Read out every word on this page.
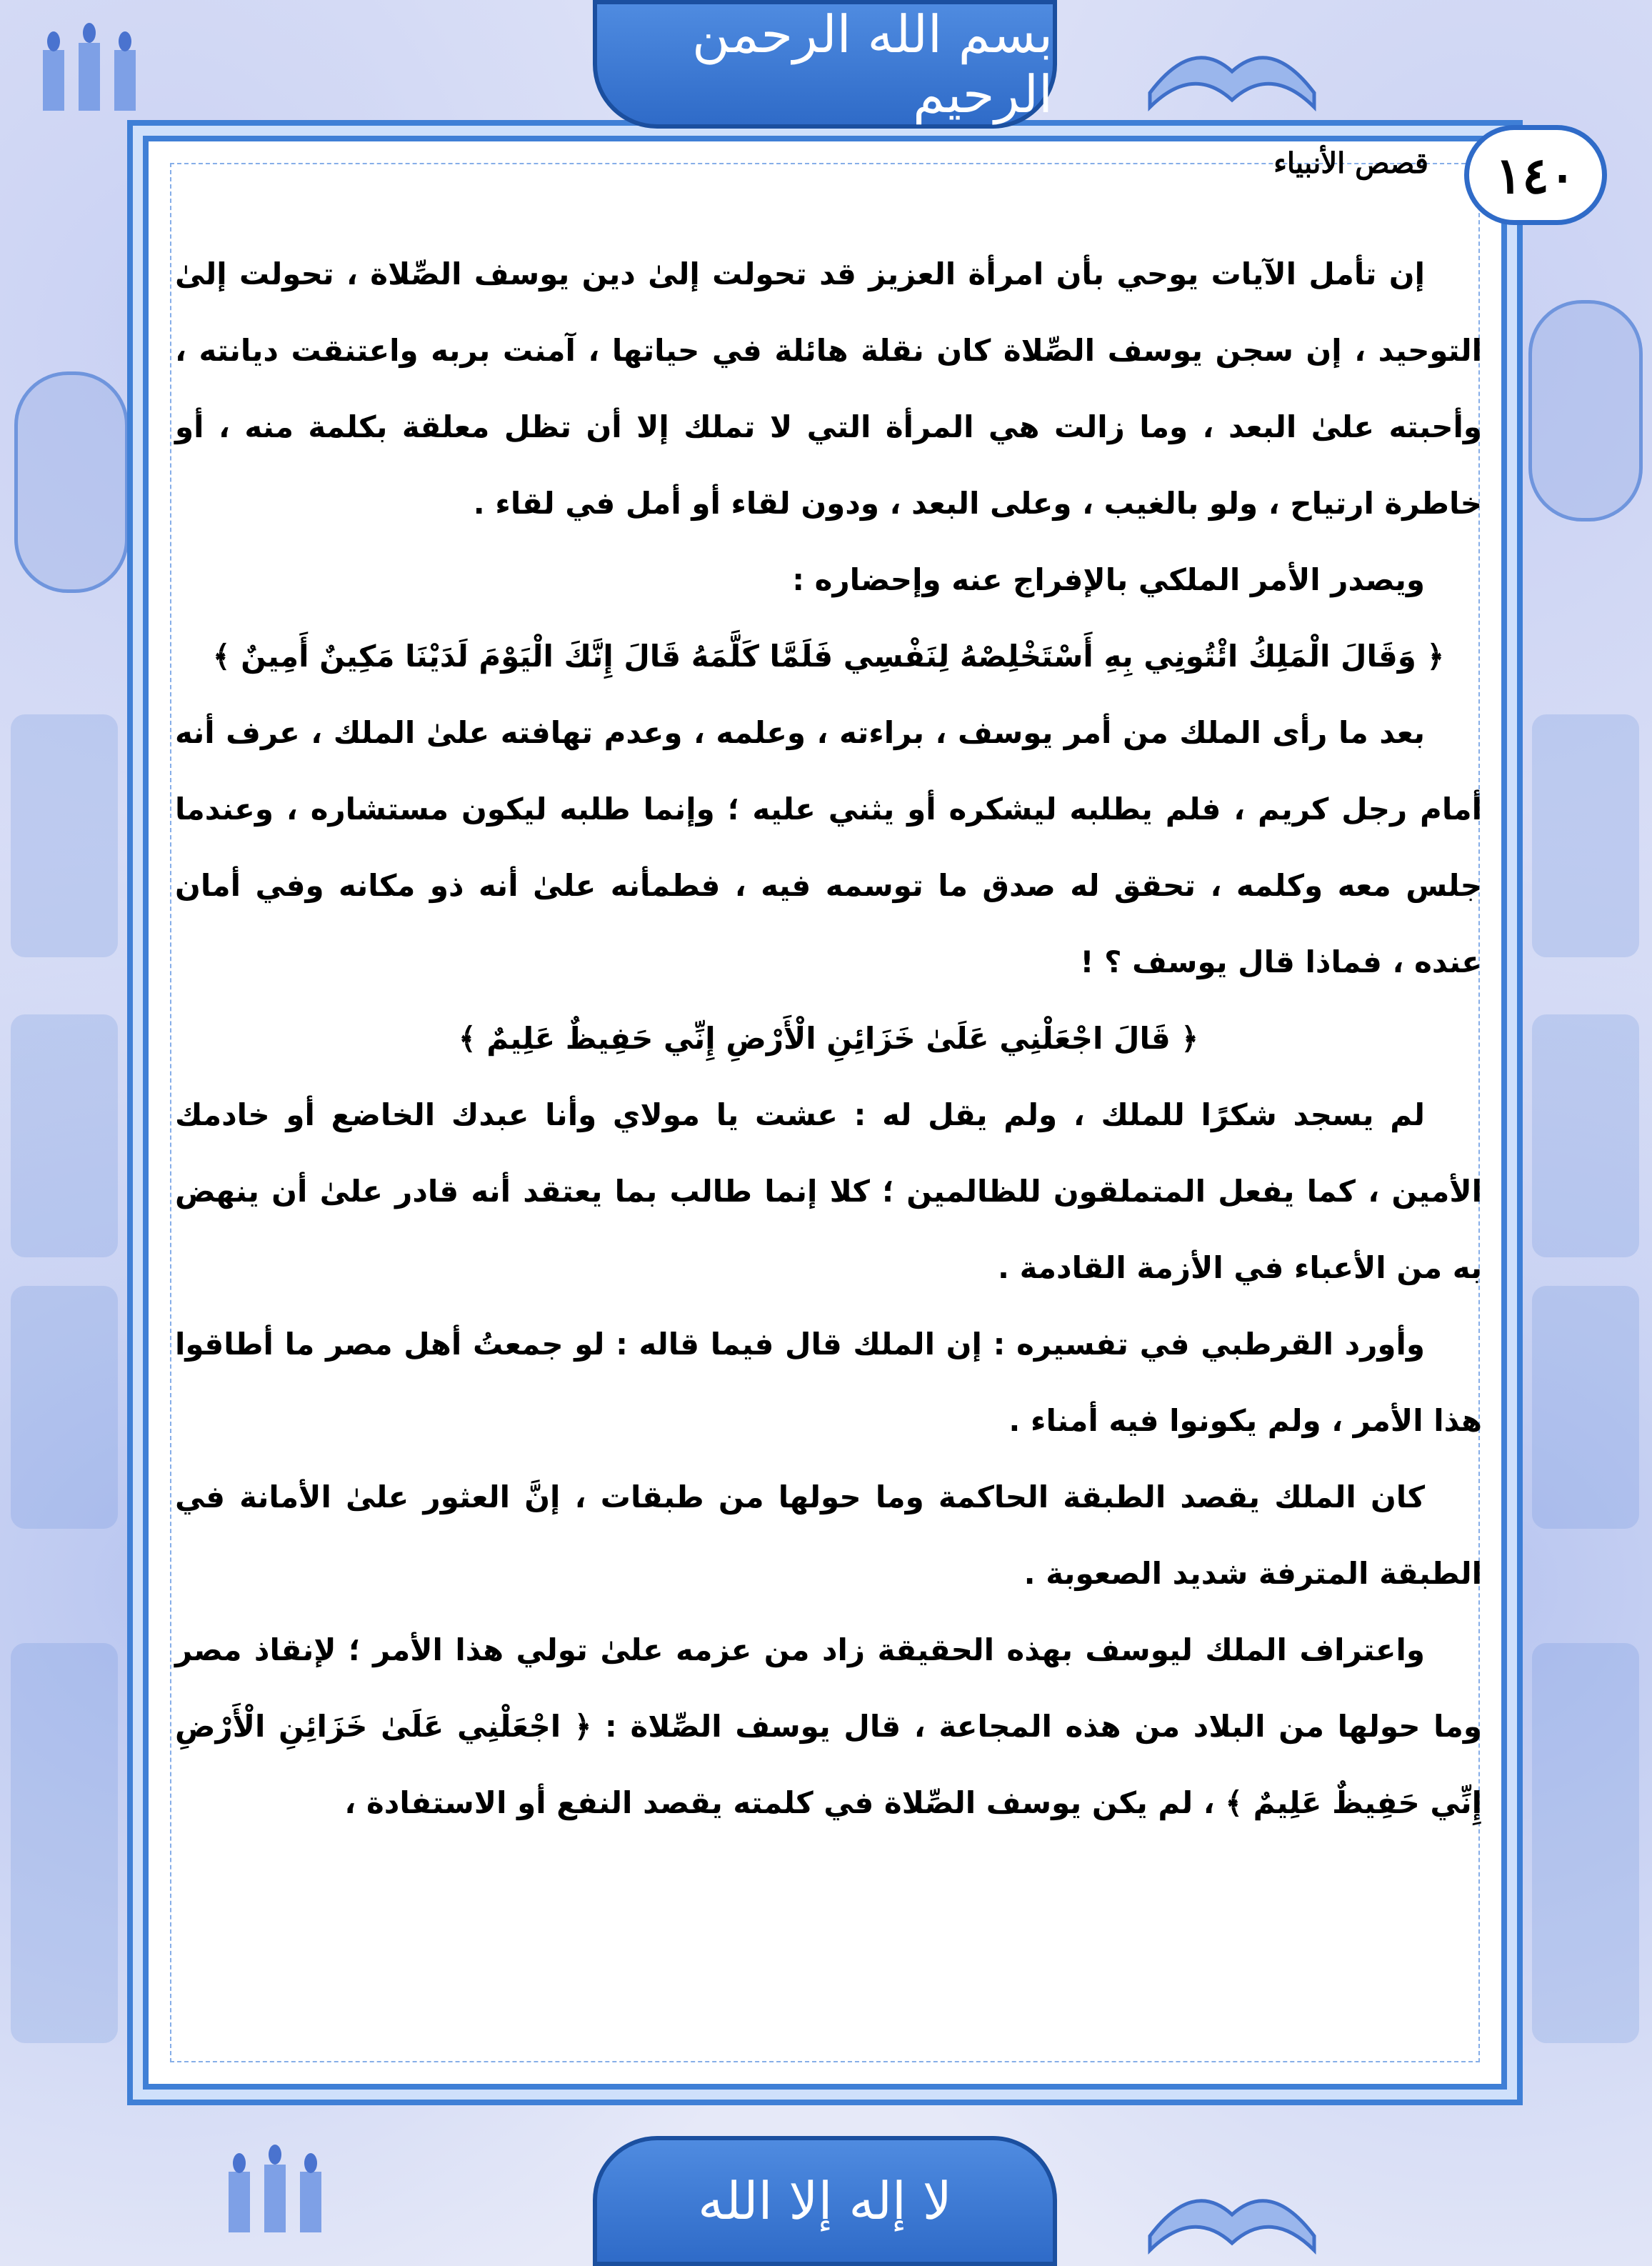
بسم الله الرحمن الرحيم
١٤٠
قصص الأنبياء

إن تأمل الآيات يوحي بأن امرأة العزيز قد تحولت إلىٰ دين يوسف الصِّلاة ، تحولت إلىٰ التوحيد ، إن سجن يوسف الصِّلاة كان نقلة هائلة في حياتها ، آمنت بربه واعتنقت ديانته ، وأحبته علىٰ البعد ، وما زالت هي المرأة التي لا تملك إلا أن تظل معلقة بكلمة منه ، أو خاطرة ارتياح ، ولو بالغيب ، وعلى البعد ، ودون لقاء أو أمل في لقاء .

ويصدر الأمر الملكي بالإفراج عنه وإحضاره :

﴿ وَقَالَ الْمَلِكُ ائْتُونِي بِهِ أَسْتَخْلِصْهُ لِنَفْسِي فَلَمَّا كَلَّمَهُ قَالَ إِنَّكَ الْيَوْمَ لَدَيْنَا مَكِينٌ أَمِينٌ ﴾

بعد ما رأى الملك من أمر يوسف ، براءته ، وعلمه ، وعدم تهافته علىٰ الملك ، عرف أنه أمام رجل كريم ، فلم يطلبه ليشكره أو يثني عليه ؛ وإنما طلبه ليكون مستشاره ، وعندما جلس معه وكلمه ، تحقق له صدق ما توسمه فيه ، فطمأنه علىٰ أنه ذو مكانه وفي أمان عنده ، فماذا قال يوسف ؟ !

﴿ قَالَ اجْعَلْنِي عَلَىٰ خَزَائِنِ الْأَرْضِ إِنِّي حَفِيظٌ عَلِيمٌ ﴾

لم يسجد شكرًا للملك ، ولم يقل له : عشت يا مولاي وأنا عبدك الخاضع أو خادمك الأمين ، كما يفعل المتملقون للظالمين ؛ كلا إنما طالب بما يعتقد أنه قادر علىٰ أن ينهض به من الأعباء في الأزمة القادمة .

وأورد القرطبي في تفسيره : إن الملك قال فيما قاله : لو جمعتُ أهل مصر ما أطاقوا هذا الأمر ، ولم يكونوا فيه أمناء .

كان الملك يقصد الطبقة الحاكمة وما حولها من طبقات ، إنَّ العثور علىٰ الأمانة في الطبقة المترفة شديد الصعوبة .

واعتراف الملك ليوسف بهذه الحقيقة زاد من عزمه علىٰ تولي هذا الأمر ؛ لإنقاذ مصر وما حولها من البلاد من هذه المجاعة ، قال يوسف الصِّلاة : ﴿ اجْعَلْنِي عَلَىٰ خَزَائِنِ الْأَرْضِ إِنِّي حَفِيظٌ عَلِيمٌ ﴾ ، لم يكن يوسف الصِّلاة في كلمته يقصد النفع أو الاستفادة ،

لا إله إلا الله
